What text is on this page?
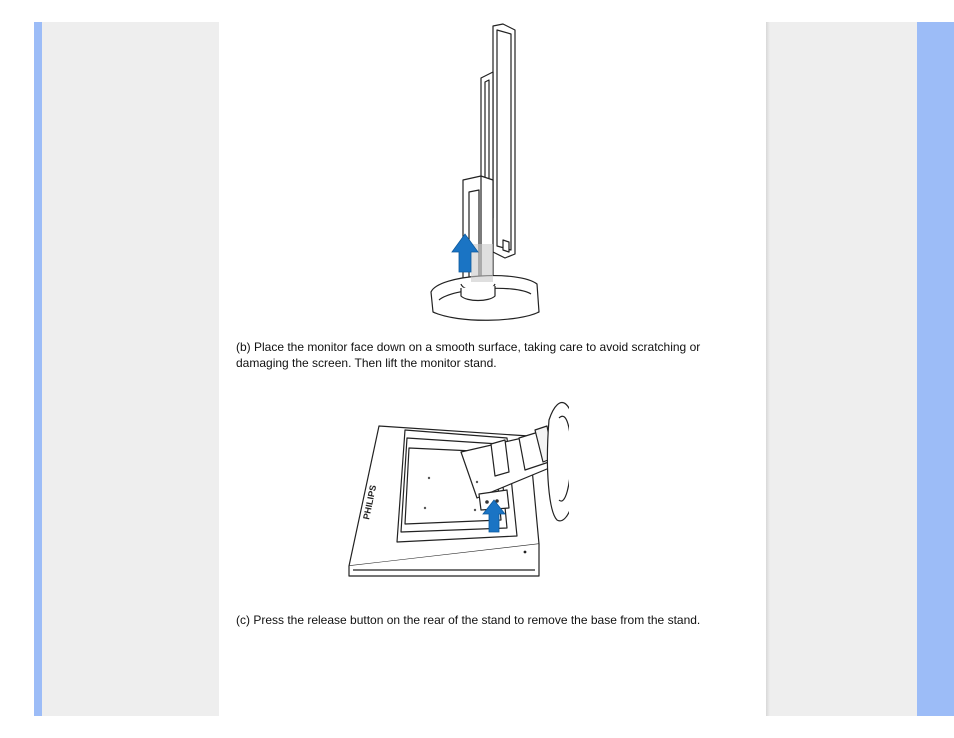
(b) Place the monitor face down on a smooth surface, taking care to avoid scratching or damaging the screen. Then lift the monitor stand.

PHILIPS

(c) Press the release button on the rear of the stand to remove the base from the stand.
